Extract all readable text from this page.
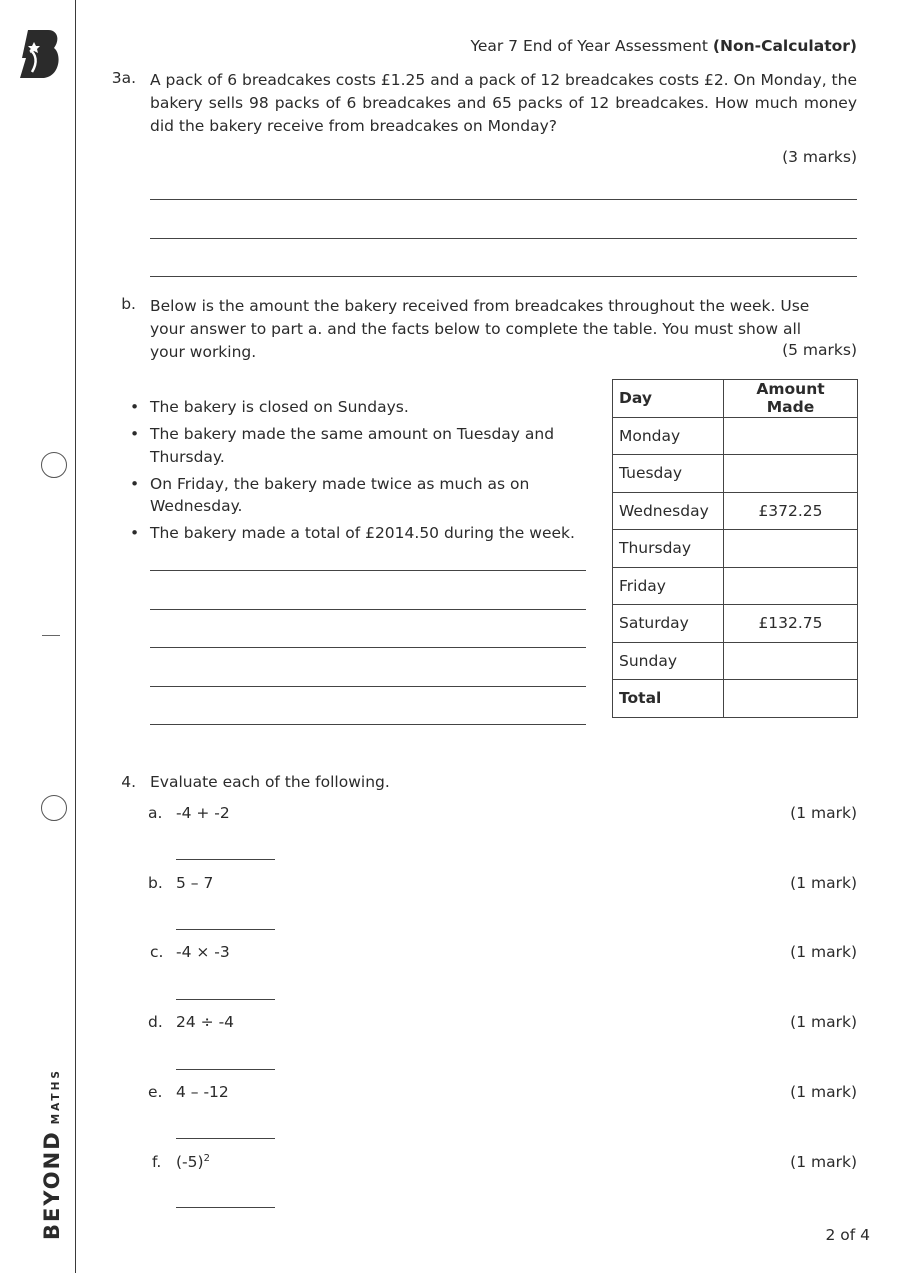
BEYONDMATHS
Year 7 End of Year Assessment (Non-Calculator)
3a. A pack of 6 breadcakes costs £1.25 and a pack of 12 breadcakes costs £2. On Monday, the bakery sells 98 packs of 6 breadcakes and 65 packs of 12 breadcakes. How much money did the bakery receive from breadcakes on Monday?
(3 marks)
b. Below is the amount the bakery received from breadcakes throughout the week. Use your answer to part a. and the facts below to complete the table. You must show all your working.	(5 marks)
• The bakery is closed on Sundays.
• The bakery made the same amount on Tuesday and Thursday.
• On Friday, the bakery made twice as much as on Wednesday.
• The bakery made a total of £2014.50 during the week.
Day	Amount Made
Monday	
Tuesday	
Wednesday	£372.25
Thursday	
Friday	
Saturday	£132.75
Sunday	
Total	
4. Evaluate each of the following.
a. -4 + -2	(1 mark)
b. 5 – 7	(1 mark)
c. -4 × -3	(1 mark)
d. 24 ÷ -4	(1 mark)
e. 4 – -12	(1 mark)
f. $(-5)^2$	(1 mark)
2 of 4
